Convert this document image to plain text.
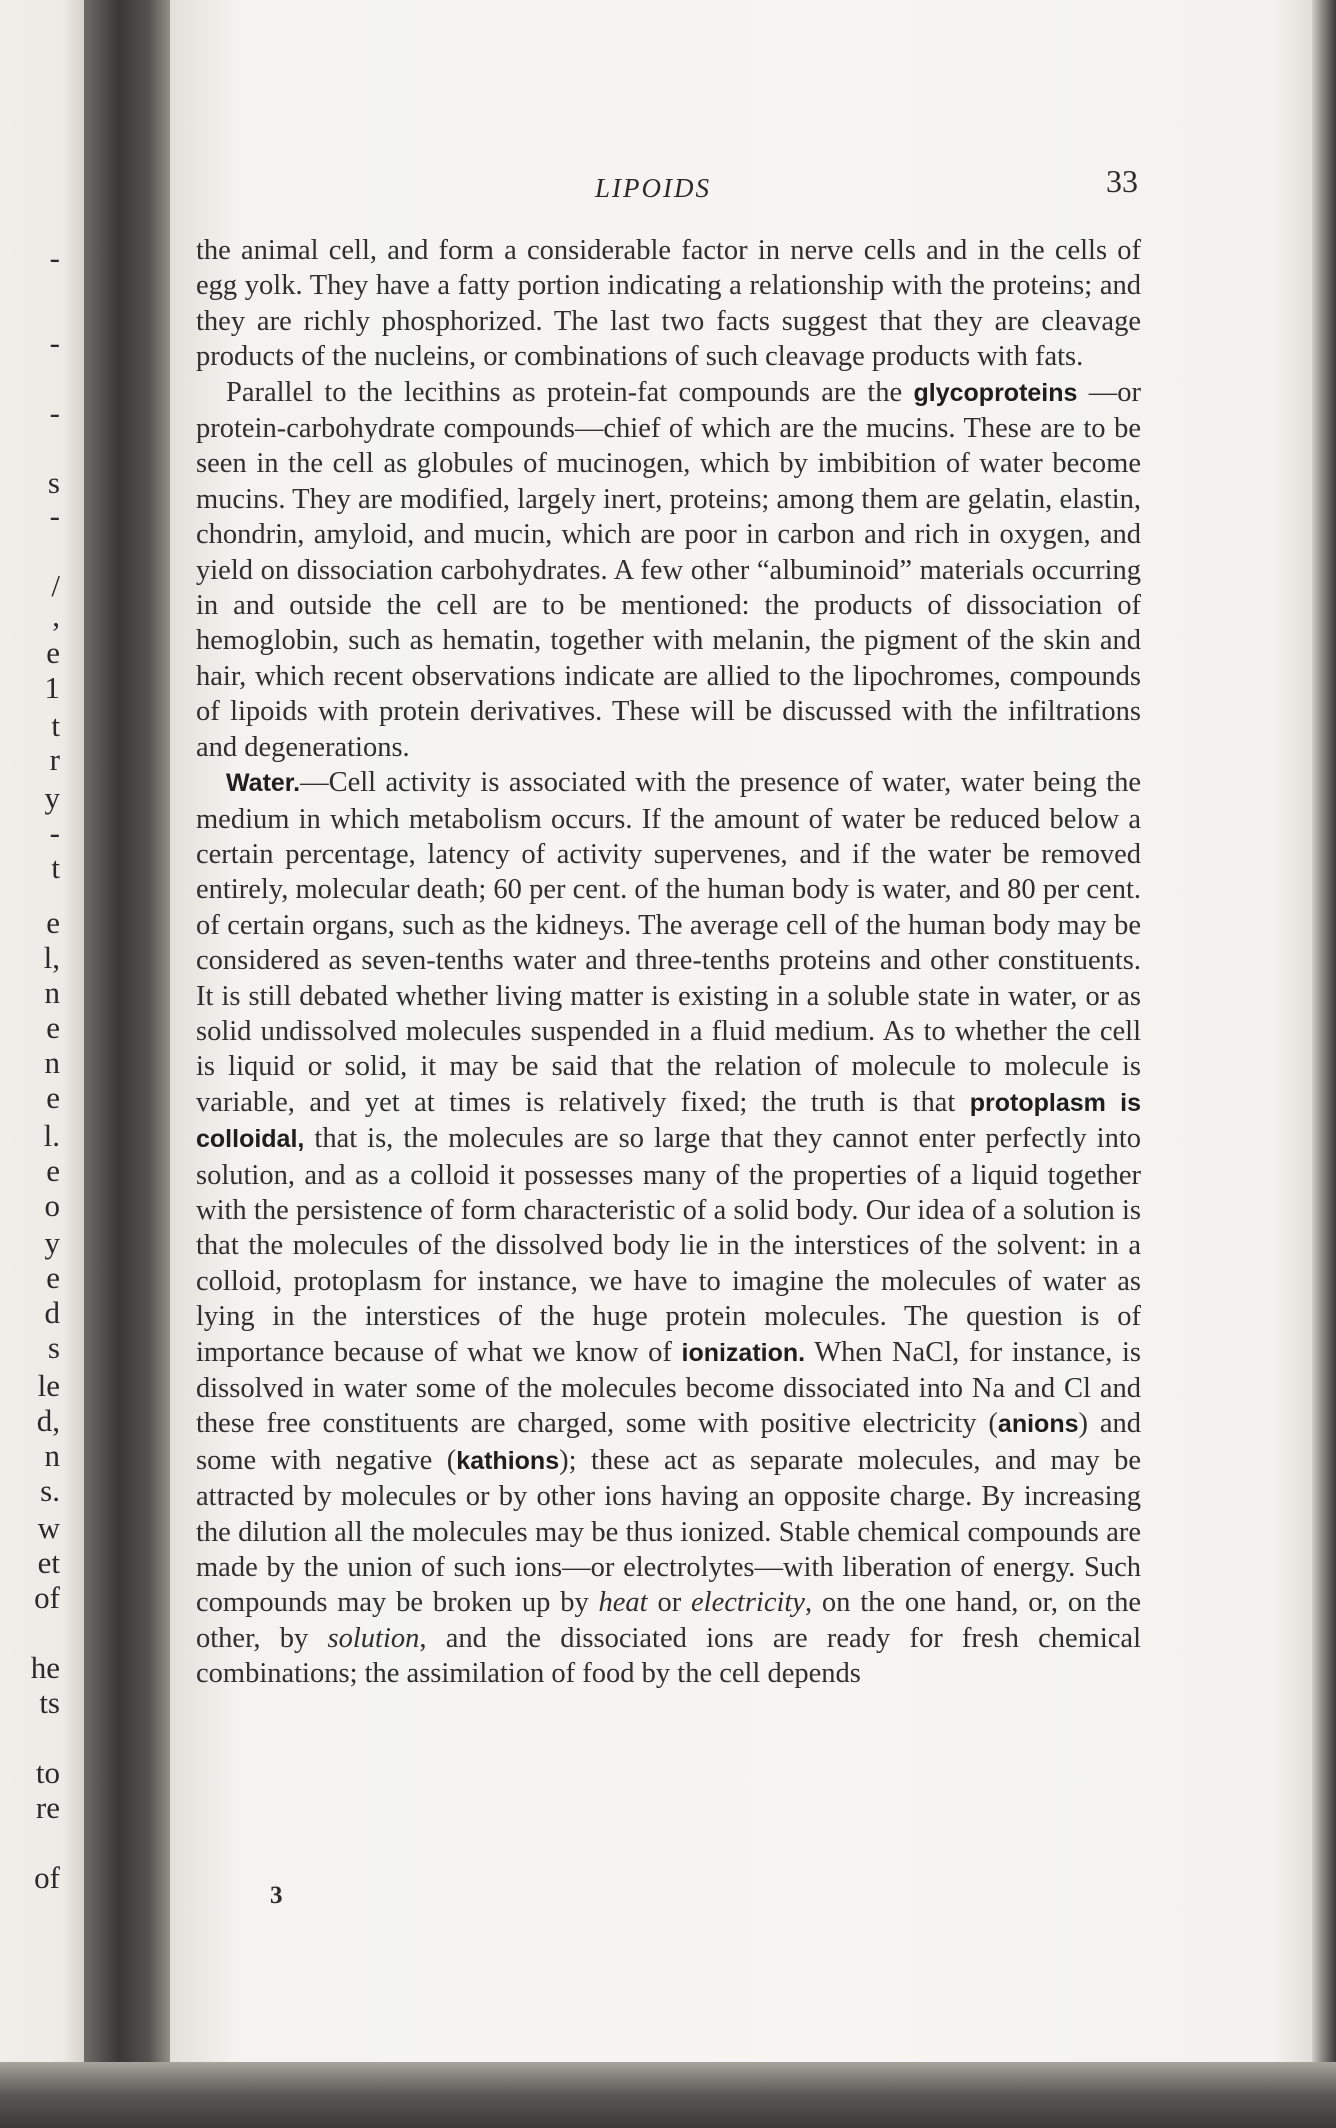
-
-
-
s
-
/
,
e
1
t
r
y
-
t
e
l,
n
e
n
e
l.
e
o
y
e
d
s
le
d,
n
s.
w
et
of
he
ts
to
re
of
LIPOIDS	33

the animal cell, and form a considerable factor in nerve cells and in the cells of egg yolk. They have a fatty portion indicating a relationship with the proteins; and they are richly phosphorized. The last two facts suggest that they are cleavage products of the nucleins, or combinations of such cleavage products with fats.

Parallel to the lecithins as protein-fat compounds are the glycoproteins —or protein-carbohydrate compounds—chief of which are the mucins. These are to be seen in the cell as globules of mucinogen, which by imbibition of water become mucins. They are modified, largely inert, proteins; among them are gelatin, elastin, chondrin, amyloid, and mucin, which are poor in carbon and rich in oxygen, and yield on dissociation carbohydrates. A few other “albuminoid” materials occurring in and outside the cell are to be mentioned: the products of dissociation of hemoglobin, such as hematin, together with melanin, the pigment of the skin and hair, which recent observations indicate are allied to the lipochromes, compounds of lipoids with protein derivatives. These will be discussed with the infiltrations and degenerations.

Water.—Cell activity is associated with the presence of water, water being the medium in which metabolism occurs. If the amount of water be reduced below a certain percentage, latency of activity supervenes, and if the water be removed entirely, molecular death; 60 per cent. of the human body is water, and 80 per cent. of certain organs, such as the kidneys. The average cell of the human body may be considered as seven-tenths water and three-tenths proteins and other constituents. It is still debated whether living matter is existing in a soluble state in water, or as solid undissolved molecules suspended in a fluid medium. As to whether the cell is liquid or solid, it may be said that the relation of molecule to molecule is variable, and yet at times is relatively fixed; the truth is that protoplasm is colloidal, that is, the molecules are so large that they cannot enter perfectly into solution, and as a colloid it possesses many of the properties of a liquid together with the persistence of form characteristic of a solid body. Our idea of a solution is that the molecules of the dissolved body lie in the interstices of the solvent: in a colloid, protoplasm for instance, we have to imagine the molecules of water as lying in the interstices of the huge protein molecules. The question is of importance because of what we know of ionization. When NaCl, for instance, is dissolved in water some of the molecules become dissociated into Na and Cl and these free constituents are charged, some with positive electricity (anions) and some with negative (kathions); these act as separate molecules, and may be attracted by molecules or by other ions having an opposite charge. By increasing the dilution all the molecules may be thus ionized. Stable chemical compounds are made by the union of such ions—or electrolytes—with liberation of energy. Such compounds may be broken up by heat or electricity, on the one hand, or, on the other, by solution, and the dissociated ions are ready for fresh chemical combinations; the assimilation of food by the cell depends

3
